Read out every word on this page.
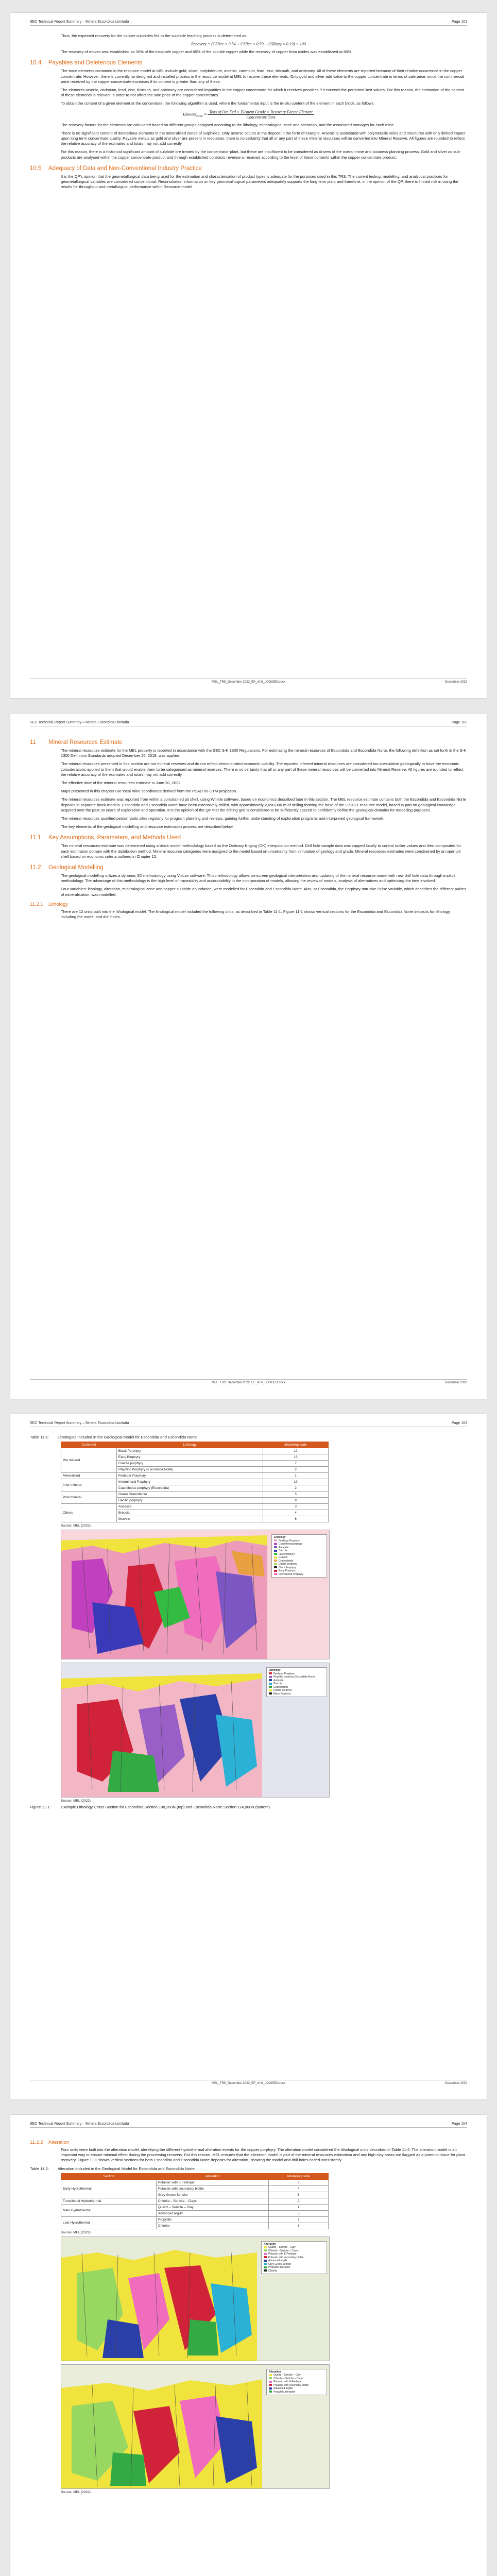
SEC Technical Report Summary – Minera Escondida Limitada	Page 101

Thus, the expected recovery for the copper sulphides fed to the sulphide leaching process is determined as:

Recovery = (CSRcc × 0.54 + CSRcc × 0.59 + CSRcpy × 0.19) × 100

The recovery of moves was established as 30% of the insoluble copper and 60% of the soluble copper while the recovery of copper from oxides was established at 60%.

10.4 Payables and Deleterious Elements

The trace elements contained in the resource model at MEL include gold, silver, molybdenum, arsenic, cadmium, lead, zinc, bismuth, and antimony. All of these elements are reported because of their relative occurrence in the copper concentrate. However, there is currently no designed and installed process in the resource model at MEL to recover these elements. Only gold and silver add value to the copper concentrate in terms of sale price, since the commercial price received by the copper concentrate increases if its content is greater than any of these.

The elements arsenic, cadmium, lead, zinc, bismuth, and antimony are considered impurities in the copper concentrate for which it receives penalties if it exceeds the permitted limit values. For this reason, the estimation of the content of these elements is relevant in order to not affect the sale price of the copper concentrates.

To obtain the content of a given element at the concentrate, the following algorithm is used, where the fundamental input is the in-situ content of the element in each block, as follows:

Element$_{conc}$ = $\frac{\text{Tons of Ore Fed × Element Grade × Recovery Factor Element}}{\text{Concentrate Tons}}$

The recovery factors for the elements are calculated based on different groups assigned according to the lithology, mineralogical zone and alteration, and the associated tonnages for each mine.

There is no significant content of deleterious elements in the mineralised zones of sulphides. Only arsenic occurs at the deposit in the form of enargite. Arsenic is associated with polymetallic veins and structures with only limited impact upon long term concentrate quality. Payable metals as gold and silver are present in resources, there is no certainty that all or any part of these mineral resources will be converted into Mineral Reserve. All figures are rounded to reflect the relative accuracy of the estimates and totals may not add correctly.

For this reason, there is a historical significant amount of sulphide ore treated by the concentrator plant, but these are insufficient to be considered as drivers of the overall mine and business planning process. Gold and silver as sub-products are analysed within the copper concentrate product and through established contracts revenue is received according to the level of these contents within the copper concentrate product.

10.5 Adequacy of Data and Non-Conventional Industry Practice

It is the QP's opinion that the geometallurgical data being used for the estimation and characterisation of product types is adequate for the purposes used in this TRS. The current testing, modelling, and analytical practices for geometallurgical variables are considered conventional. Reconciliation information on key geometallurgical parameters adequately supports the long term plan; and therefore, in the opinion of the QP, there is limited risk in using the results for throughput and metallurgical performance within Resource model.

MEL_TRS_December 2022_EF_v0.6_LOGGED.docx	December 2022
SEC Technical Report Summary – Minera Escondida Limitada	Page 102
11 Mineral Resources Estimate

The mineral resources estimate for the MEL property is reported in accordance with the SEC S-K 1300 Regulations. For estimating the mineral resources of Escondida and Escondida Norte, the following definition as set forth in the S-K 1300 Definition Standards adopted December 26, 2018, was applied.

The mineral resources presented in this section are not mineral reserves and do not reflect demonstrated economic viability. The reported inferred mineral resources are considered too speculative geologically to have the economic considerations applied to them that would enable them to be categorised as mineral reserves. There is no certainty that all or any part of these mineral resources will be converted into Mineral Reserve. All figures are rounded to reflect the relative accuracy of the estimates and totals may not add correctly.

The effective date of the mineral resources estimate is June 30, 2022.

Maps presented in this chapter use local mine coordinates derived from the PSAD-56 UTM projection.

The mineral resources estimate was reported from within a constrained pit shell, using Whittle software, based on economics described later in this section. The MEL resource estimate contains both the Escondida and Escondida Norte deposits in separate block models. Escondida and Escondida Norte have been extensively drilled, with approximately 2,690,000 m of drilling forming the base of the LP2021 resource model, based in part on geological knowledge acquired over the past 30 years of exploration and operation. It is the opinion of the QP that the drilling grid is considered to be sufficiently spaced to confidently define the geological domains for modelling purposes.

The mineral resources qualified person visits sites regularly for program planning and reviews, gaining further understanding of exploration programs and interpreted geological framework.

The key elements of the geological modelling and resource estimation process are described below.

11.1 Key Assumptions, Parameters, and Methods Used

This mineral resources estimate was determined using a block model methodology based on the Ordinary Kriging (OK) interpolation method. Drill hole sample data was capped locally to control outlier values and then composited for each estimation domain with the distribution method. Mineral resource categories were assigned to the model based on uncertainty from simulation of geology and grade. Mineral resources estimates were constrained by an open pit shell based on economic criteria outlined in Chapter 12.

11.2 Geological Modelling

The geological modelling utilizes a dynamic 3D methodology using Vulcan software. This methodology allows on-screen geological interpretation and updating of the mineral resource model with new drill hole data through implicit methodology. The advantage of this methodology is the high level of traceability and accountability in the incorporation of models, allowing the review of models, analysis of alternatives and optimising the time involved.

Four variables: lithology, alteration, mineralogical zone and copper sulphide abundance, were modelled for Escondida and Escondida Norte. Also, at Escondida, the Porphyry Intrusive Pulse variable, which describes the different pulses of mineralisation, was modelled.

11.2.1 Lithology

There are 12 units built into the lithological model. The lithological model included the following units, as described in Table 11-1. Figure 11-1 shows vertical sections for the Escondida and Escondida Norte deposits for lithology, including the model and drill holes.

MEL_TRS_December 2022_EF_v0.6_LOGGED.docx	December 2022
SEC Technical Report Summary – Minera Escondida Limitada	Page 103
Table 11-1:        Lithologies Included in the Geological Model for Escondida and Escondida Norte
Comment	Lithology	Modelling code
Pre mineral	Black Porphyry	12
	Early Porphyry	13
	Coarse porphyry	7
	Rhyolitic Porphyry (Escondida Norte)	2
Mineralised	Feldspar Porphyry	1
Inter mineral	Intermineral Porphyry	19
	Cuarcifeous porphyry (Escondida)	2
Post mineral	Green Granodiorite	5
	Dacitic porphyry	9
Others	Andesite	3
	Breccia	4
	Gravels	6
Source: MEL (2022)
Lithology
Feldspar Porphyry
Cuarcifeousporphyry
Andesite
Breccia
Late Porphyry
Gravels
Granodioritic
Dacitic porphyry
Black Porphyry
Early Porphyry
Intermineral Porphyry
Lithology
Feldspar Porphyry
Rhyolitic porphyry (Escondida Norte)
Andesite
Breccia
Granodioritic
Dacitic porphyry
Black Porphyry
Source: MEL (2022)
Figure 11-1:	Example Lithology Cross-Section for Escondida Section 108,260N (top) and Escondida Norte Section 114,000N (bottom)
MEL_TRS_December 2022_EF_v0.6_LOGGED.docx	December 2022
SEC Technical Report Summary – Minera Escondida Limitada	Page 104
11.2.2 Alteration

Four units were built into the alteration model, identifying the different hydrothermal alteration events for the copper porphyry. The alteration model considered the lithological units described in Table 11-2. The alteration model is an important way to ensure minimal effect during the processing recovery. For this reason, MEL ensures that the alteration model is part of the mineral resources estimation and any high clay areas are flagged as a potential issue for plant recovery. Figure 11-2 shows vertical sections for both Escondida and Escondida Norte deposits for alteration, showing the model and drill holes coded consistently.

Table 11-2:        Alteration Included in the Geological Model for Escondida and Escondida Norte
Section	Alteration	Modelling code
Early Hydrothermal	Potassic with K Feldspar	3
	Potassic with secondary biotite	4
	Grey Green Sericite	6
Transitional Hydrothermal	Chlorite – Sericite – Clays	2
Main Hydrothermal	Quartz – Sericite – Clay	1
	Advanced argillic	5
Late Hydrothermal	Propylitic	7
	Chlorite	8
Source: MEL (2022)
Alteration
Quartz – Sericite – Clay
Chlorite – Sericite – Clays
Potassic with K Feldspar
Potassic with secondary biotite
Advanced argillic
Grey Green Sericite
Propylitic alteration
Chlorite
Alteration
Quartz – Sericite – Clay
Chlorite – Sericite – Clays
Potassic with K Feldspar
Potassic with secondary biotite
Advanced argillic
Propylitic alteration
Source: MEL (2022)
